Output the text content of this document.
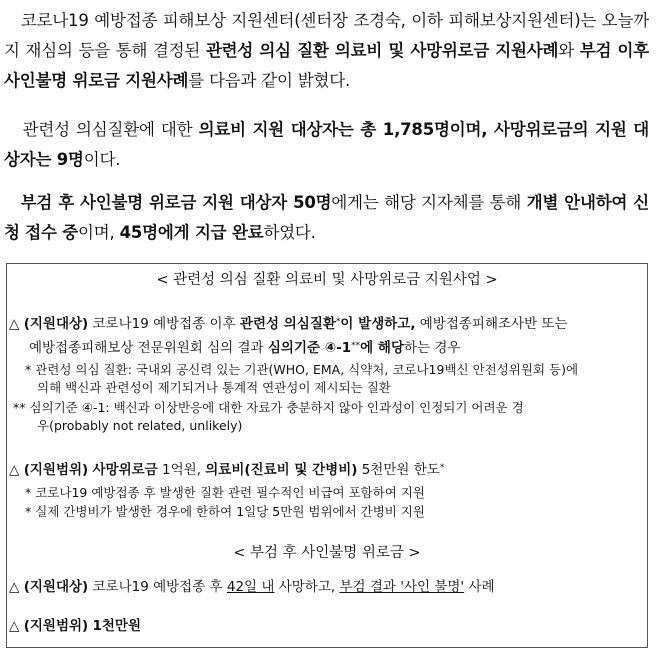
코로나19 예방접종 피해보상 지원센터(센터장 조경숙, 이하 피해보상지원센터)는 오늘까지 재심의 등을 통해 결정된 관련성 의심 질환 의료비 및 사망위로금 지원사례와 부검 이후 사인불명 위로금 지원사례를 다음과 같이 밝혔다.
관련성 의심질환에 대한 의료비 지원 대상자는 총 1,785명이며, 사망위로금의 지원 대상자는 9명이다.
부검 후 사인불명 위로금 지원 대상자 50명에게는 해당 지자체를 통해 개별 안내하여 신청 접수 중이며, 45명에게 지급 완료하였다.
< 관련성 의심 질환 의료비 및 사망위로금 지원사업 >
△ (지원대상) 코로나19 예방접종 이후 관련성 의심질환*이 발생하고, 예방접종피해조사반 또는
예방접종피해보상 전문위원회 심의 결과 심의기준 ④-1**에 해당하는 경우
* 관련성 의심 질환: 국내외 공신력 있는 기관(WHO, EMA, 식약처, 코로나19백신 안전성위원회 등)에
의해 백신과 관련성이 제기되거나 통계적 연관성이 제시되는 질환
** 심의기준 ④-1: 백신과 이상반응에 대한 자료가 충분하지 않아 인과성이 인정되기 어려운 경
우(probably not related, unlikely)
△ (지원범위) 사망위로금 1억원, 의료비(진료비 및 간병비) 5천만원 한도*
* 코로나19 예방접종 후 발생한 질환 관련 필수적인 비급여 포함하여 지원
* 실제 간병비가 발생한 경우에 한하여 1일당 5만원 범위에서 간병비 지원
< 부검 후 사인불명 위로금 >
△ (지원대상) 코로나19 예방접종 후 42일 내 사망하고, 부검 결과 '사인 불명' 사례
△ (지원범위) 1천만원
